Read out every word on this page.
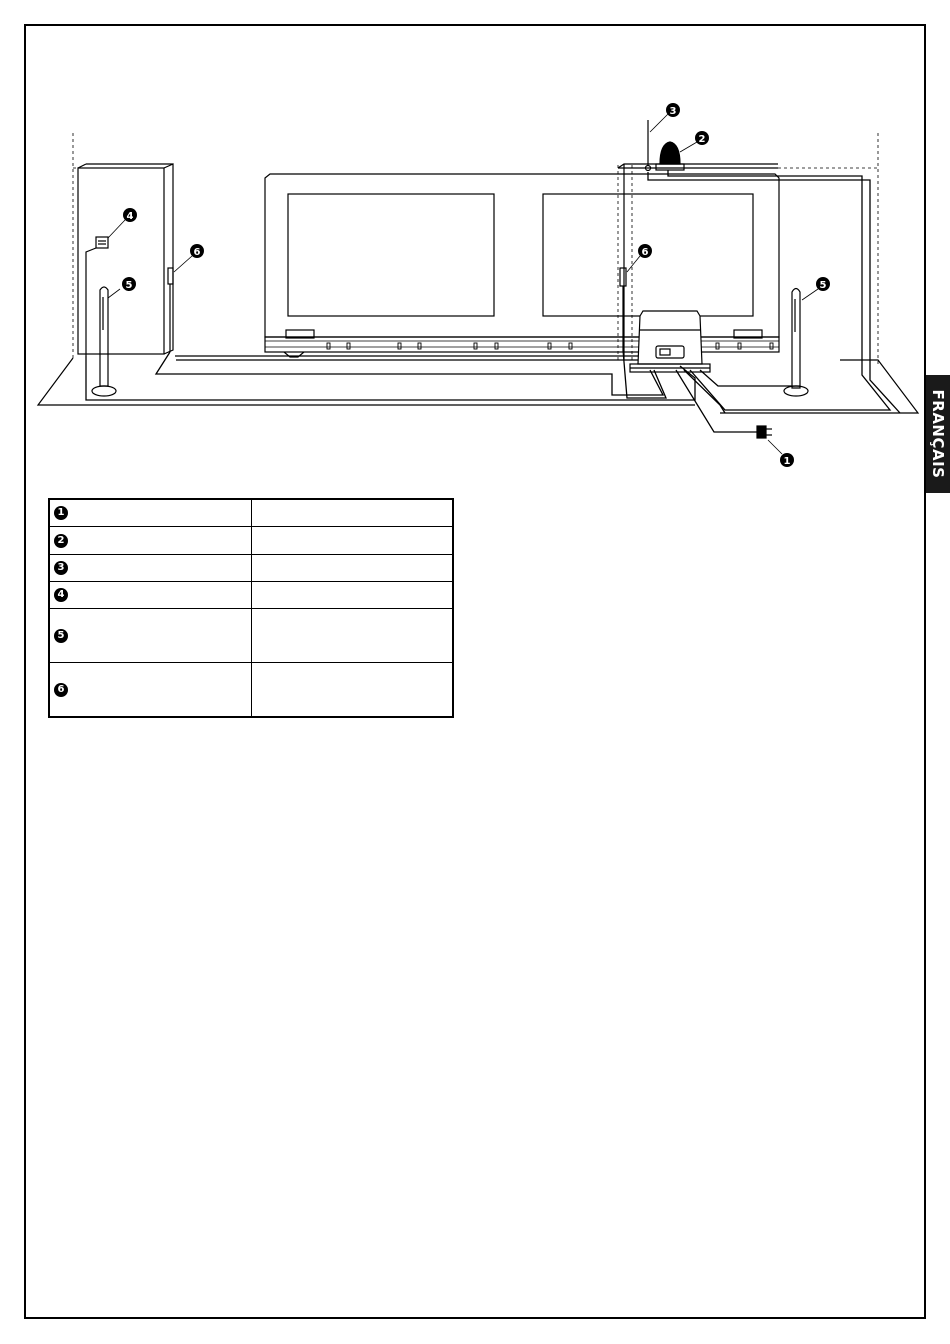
3
2
4
6
5
6
5
1	FRANÇAIS
1
2
3
4
5
6
